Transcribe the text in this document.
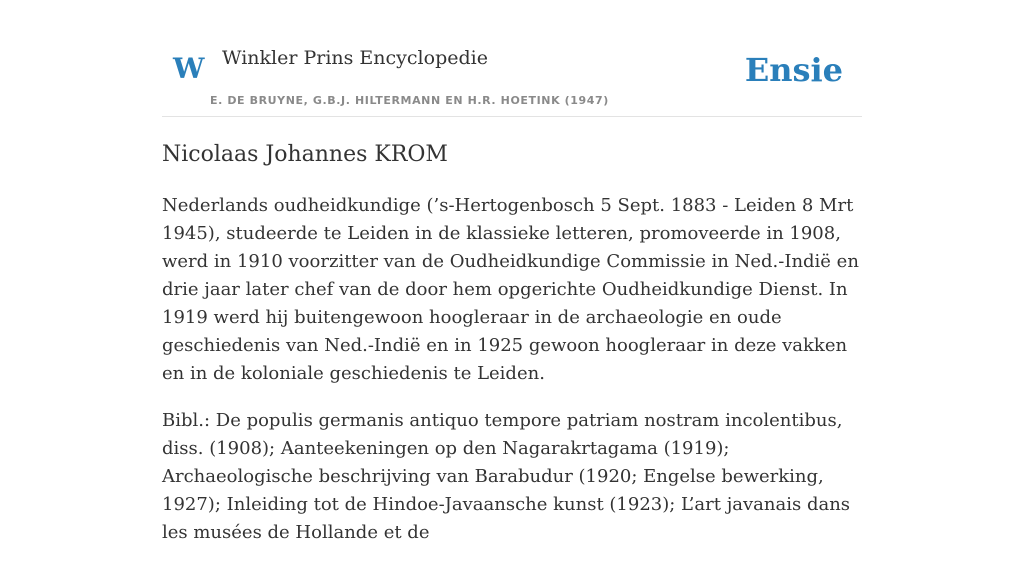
W Winkler Prins Encyclopedie
E. DE BRUYNE, G.B.J. HILTERMANN EN H.R. HOETINK (1947)
Ensie
Nicolaas Johannes KROM

Nederlands oudheidkundige (’s-Hertogenbosch 5 Sept. 1883 - Leiden 8 Mrt 1945), studeerde te Leiden in de klassieke letteren, promoveerde in 1908, werd in 1910 voorzitter van de Oudheidkundige Commissie in Ned.-Indië en drie jaar later chef van de door hem opgerichte Oudheidkundige Dienst. In 1919 werd hij buitengewoon hoogleraar in de archaeologie en oude geschiedenis van Ned.-Indië en in 1925 gewoon hoogleraar in deze vakken en in de koloniale geschiedenis te Leiden.

Bibl.: De populis germanis antiquo tempore patriam nostram incolentibus, diss. (1908); Aanteekeningen op den Nagarakrtagama (1919); Archaeologische beschrijving van Barabudur (1920; Engelse bewerking, 1927); Inleiding tot de Hindoe-Javaansche kunst (1923); L’art javanais dans les musées de Hollande et de
